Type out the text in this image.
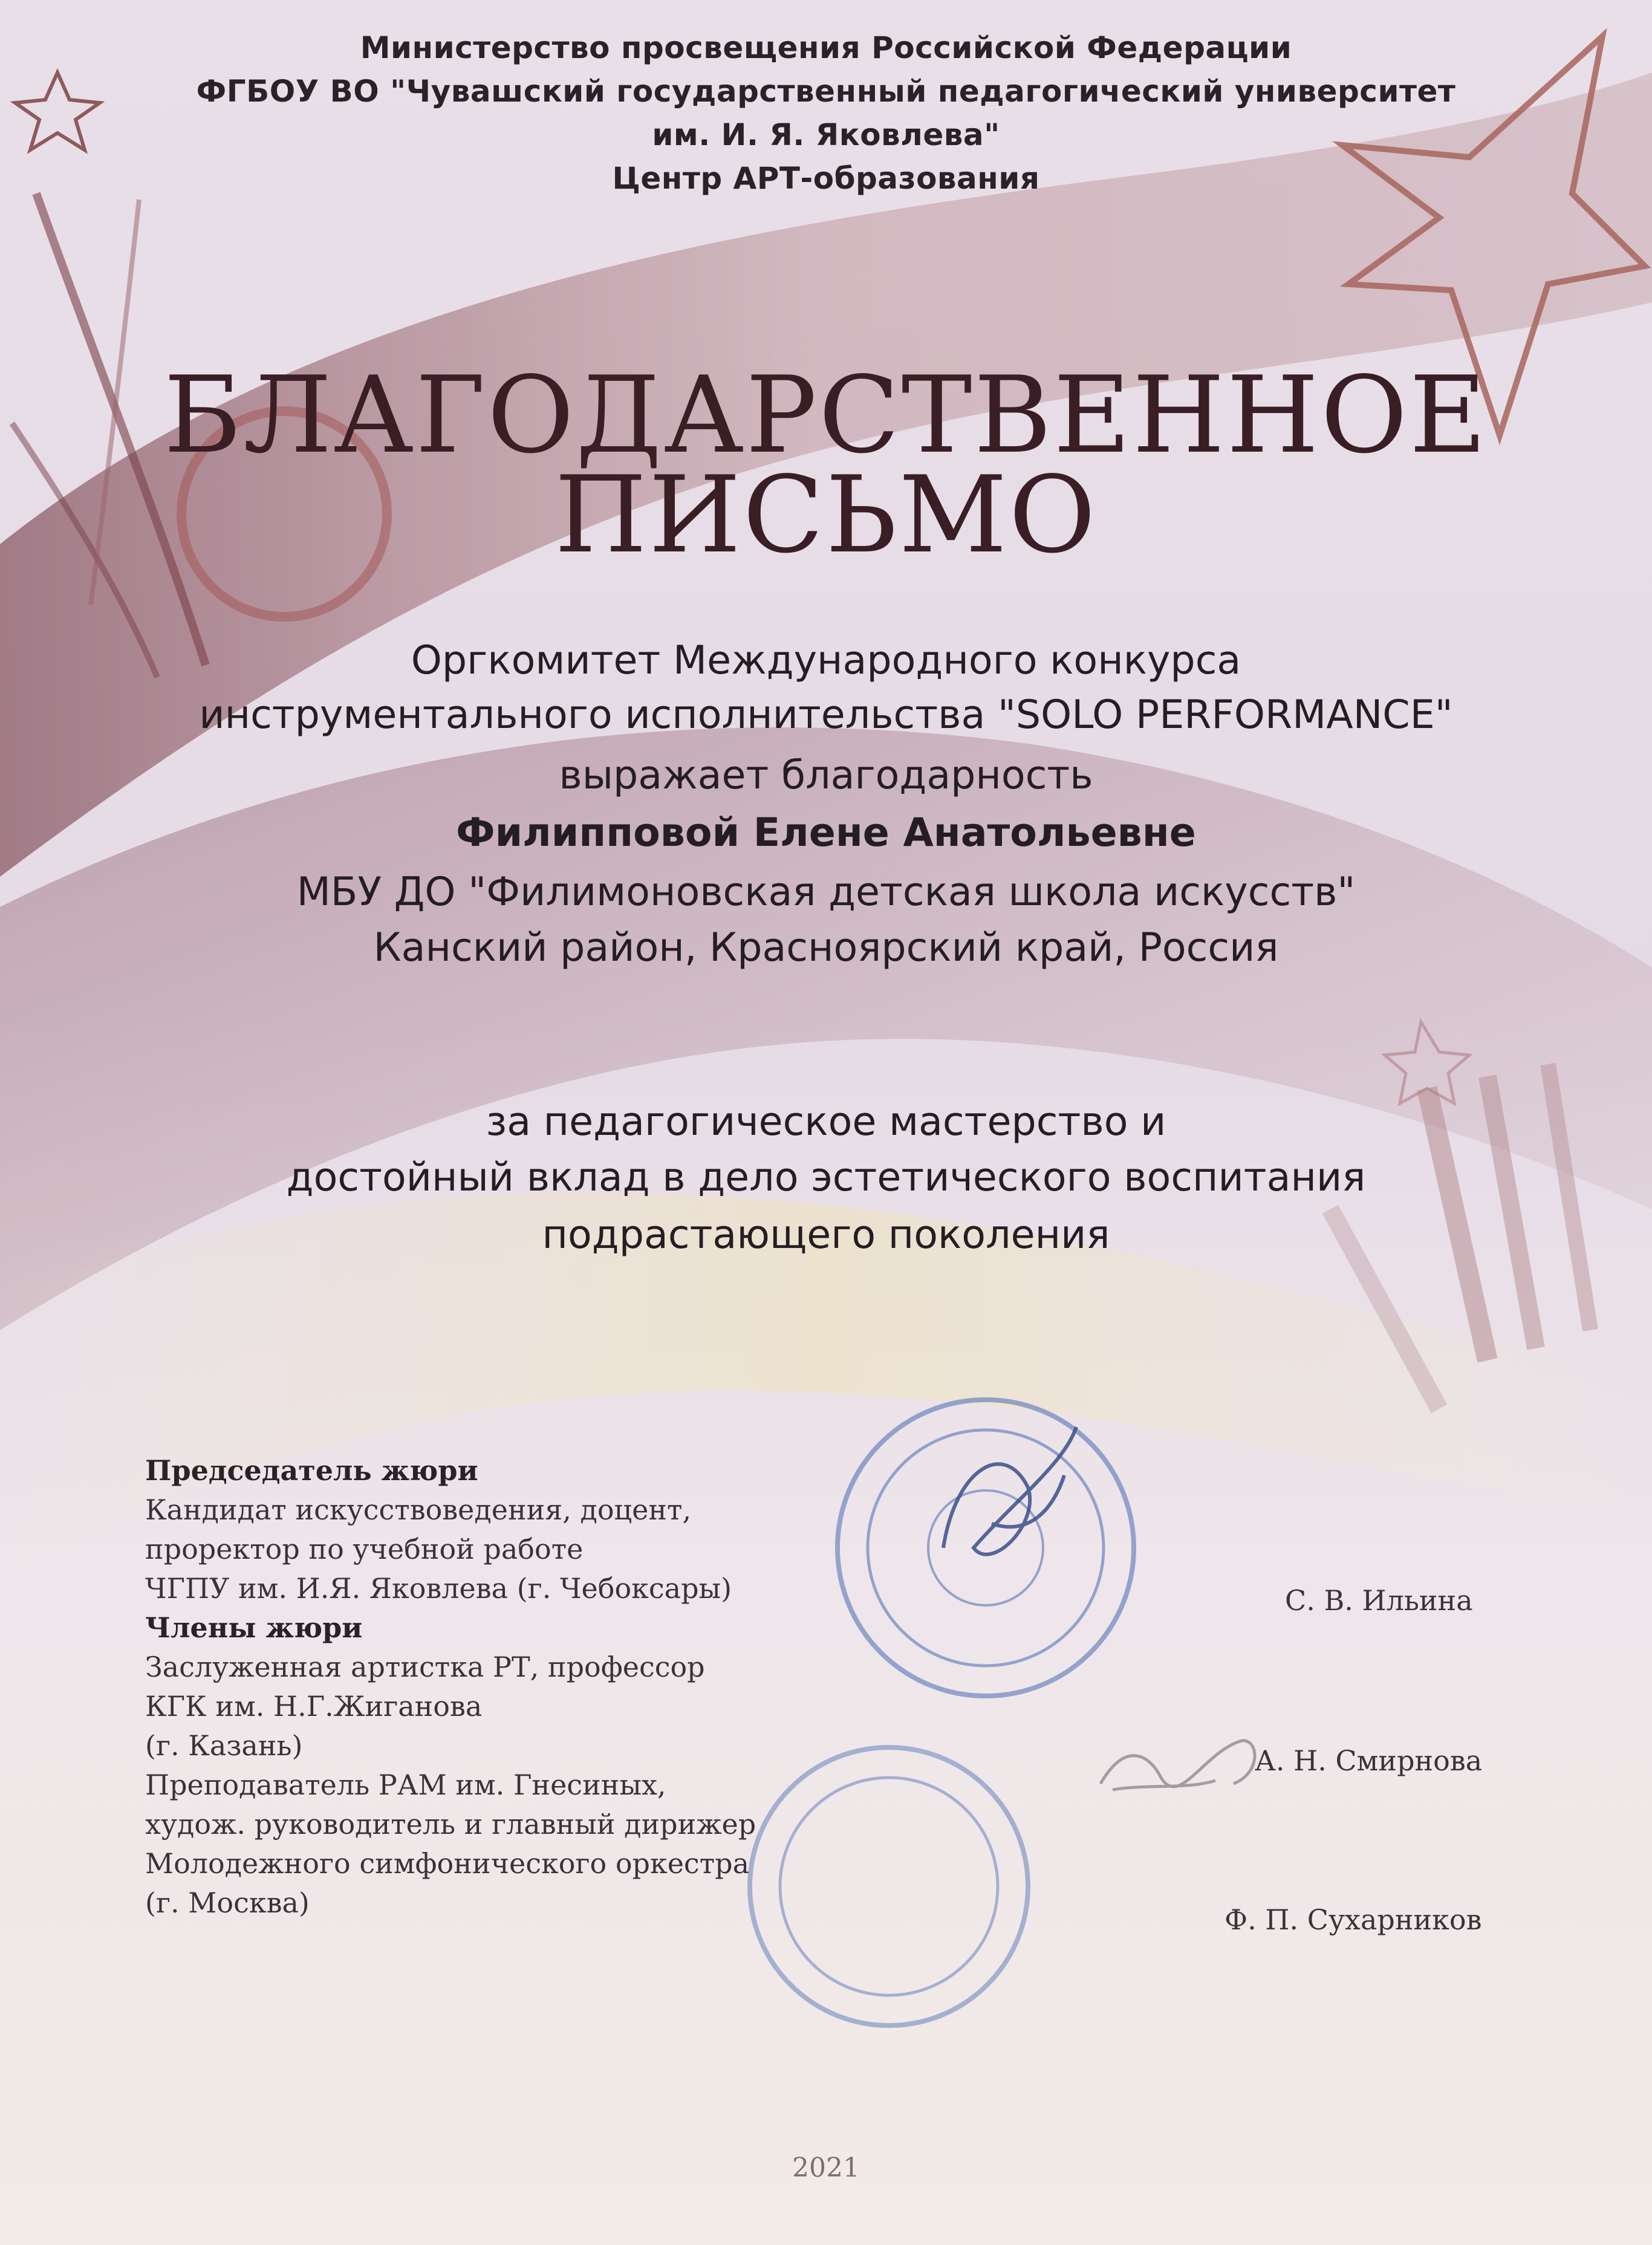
Министерство просвещения Российской Федерации
ФГБОУ ВО "Чувашский государственный педагогический университет
им. И. Я. Яковлева"
Центр АРТ-образования
БЛАГОДАРСТВЕННОЕ
ПИСЬМО
Оргкомитет Международного конкурса
инструментального исполнительства "SOLO PERFORMANCE"
выражает благодарность
Филипповой Елене Анатольевне
МБУ ДО "Филимоновская детская школа искусств"
Канский район, Красноярский край, Россия
за педагогическое мастерство и
достойный вклад в дело эстетического воспитания
подрастающего поколения
Председатель жюри
Кандидат искусствоведения, доцент,
проректор по учебной работе
ЧГПУ им. И.Я. Яковлева (г. Чебоксары)
Члены жюри
Заслуженная артистка РТ, профессор
КГК им. Н.Г.Жиганова
(г. Казань)
Преподаватель РАМ им. Гнесиных,
худож. руководитель и главный дирижер
Молодежного симфонического оркестра
(г. Москва)
С. В. Ильина
А. Н. Смирнова
Ф. П. Сухарников
2021
